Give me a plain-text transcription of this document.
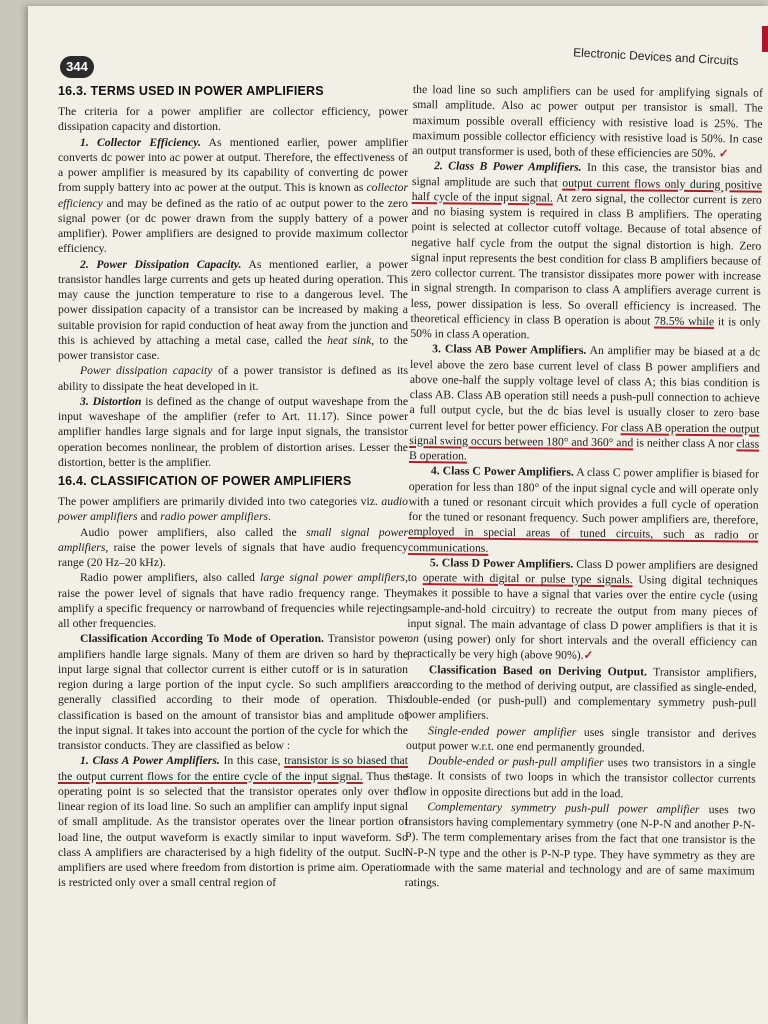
344	Electronic Devices and Circuits
16.3. TERMS USED IN POWER AMPLIFIERS

The criteria for a power amplifier are collector efficiency, power dissipation capacity and distortion.

1. Collector Efficiency. As mentioned earlier, power amplifier converts dc power into ac power at output. Therefore, the effectiveness of a power amplifier is measured by its capability of converting dc power from supply battery into ac power at the output. This is known as collector efficiency and may be defined as the ratio of ac output power to the zero signal power (or dc power drawn from the supply battery of a power amplifier). Power amplifiers are designed to provide maximum collector efficiency.

2. Power Dissipation Capacity. As mentioned earlier, a power transistor handles large currents and gets up heated during operation. This may cause the junction temperature to rise to a dangerous level. The power dissipation capacity of a transistor can be increased by making a suitable provision for rapid conduction of heat away from the junction and this is achieved by attaching a metal case, called the heat sink, to the power transistor case.

Power dissipation capacity of a power transistor is defined as its ability to dissipate the heat developed in it.

3. Distortion is defined as the change of output waveshape from the input waveshape of the amplifier (refer to Art. 11.17). Since power amplifier handles large signals and for large input signals, the transistor operation becomes nonlinear, the problem of distortion arises. Lesser the distortion, better is the amplifier.

16.4. CLASSIFICATION OF POWER AMPLIFIERS

The power amplifiers are primarily divided into two categories viz. audio power amplifiers and radio power amplifiers.

Audio power amplifiers, also called the small signal power amplifiers, raise the power levels of signals that have audio frequency range (20 Hz–20 kHz).

Radio power amplifiers, also called large signal power amplifiers, raise the power level of signals that have radio frequency range. They amplify a specific frequency or narrowband of frequencies while rejecting all other frequencies.

Classification According To Mode of Operation. Transistor power amplifiers handle large signals. Many of them are driven so hard by the input large signal that collector current is either cutoff or is in saturation region during a large portion of the input cycle. So such amplifiers are generally classified according to their mode of operation. This classification is based on the amount of transistor bias and amplitude of the input signal. It takes into account the portion of the cycle for which the transistor conducts. They are classified as below :

1. Class A Power Amplifiers. In this case, transistor is so biased that the output current flows for the entire cycle of the input signal. Thus the operating point is so selected that the transistor operates only over the linear region of its load line. So such an amplifier can amplify input signal of small amplitude. As the transistor operates over the linear portion of load line, the output waveform is exactly similar to input waveform. So class A amplifiers are characterised by a high fidelity of the output. Such amplifiers are used where freedom from distortion is prime aim. Operation is restricted only over a small central region of

the load line so such amplifiers can be used for amplifying signals of small amplitude. Also ac power output per transistor is small. The maximum possible overall efficiency with resistive load is 25%. The maximum possible collector efficiency with resistive load is 50%. In case an output transformer is used, both of these efficiencies are 50%. ✓

2. Class B Power Amplifiers. In this case, the transistor bias and signal amplitude are such that output current flows only during positive half cycle of the input signal. At zero signal, the collector current is zero and no biasing system is required in class B amplifiers. The operating point is selected at collector cutoff voltage. Because of total absence of negative half cycle from the output the signal distortion is high. Zero signal input represents the best condition for class B amplifiers because of zero collector current. The transistor dissipates more power with increase in signal strength. In comparison to class A amplifiers average current is less, power dissipation is less. So overall efficiency is increased. The theoretical efficiency in class B operation is about 78.5% while it is only 50% in class A operation.

3. Class AB Power Amplifiers. An amplifier may be biased at a dc level above the zero base current level of class B power amplifiers and above one-half the supply voltage level of class A; this bias condition is class AB. Class AB operation still needs a push-pull connection to achieve a full output cycle, but the dc bias level is usually closer to zero base current level for better power efficiency. For class AB operation the output signal swing occurs between 180° and 360° and is neither class A nor class B operation.

4. Class C Power Amplifiers. A class C power amplifier is biased for operation for less than 180° of the input signal cycle and will operate only with a tuned or resonant circuit which provides a full cycle of operation for the tuned or resonant frequency. Such power amplifiers are, therefore, employed in special areas of tuned circuits, such as radio or communications.

5. Class D Power Amplifiers. Class D power amplifiers are designed to operate with digital or pulse type signals. Using digital techniques makes it possible to have a signal that varies over the entire cycle (using sample-and-hold circuitry) to recreate the output from many pieces of input signal. The main advantage of class D power amplifiers is that it is on (using power) only for short intervals and the overall efficiency can practically be very high (above 90%).✓

Classification Based on Deriving Output. Transistor amplifiers, according to the method of deriving output, are classified as single-ended, double-ended (or push-pull) and complementary symmetry push-pull power amplifiers.

Single-ended power amplifier uses single transistor and derives output power w.r.t. one end permanently grounded.

Double-ended or push-pull amplifier uses two transistors in a single stage. It consists of two loops in which the transistor collector currents flow in opposite directions but add in the load.

Complementary symmetry push-pull power amplifier uses two transistors having complementary symmetry (one N-P-N and another P-N-P). The term complementary arises from the fact that one transistor is the N-P-N type and the other is P-N-P type. They have symmetry as they are made with the same material and technology and are of same maximum ratings.
